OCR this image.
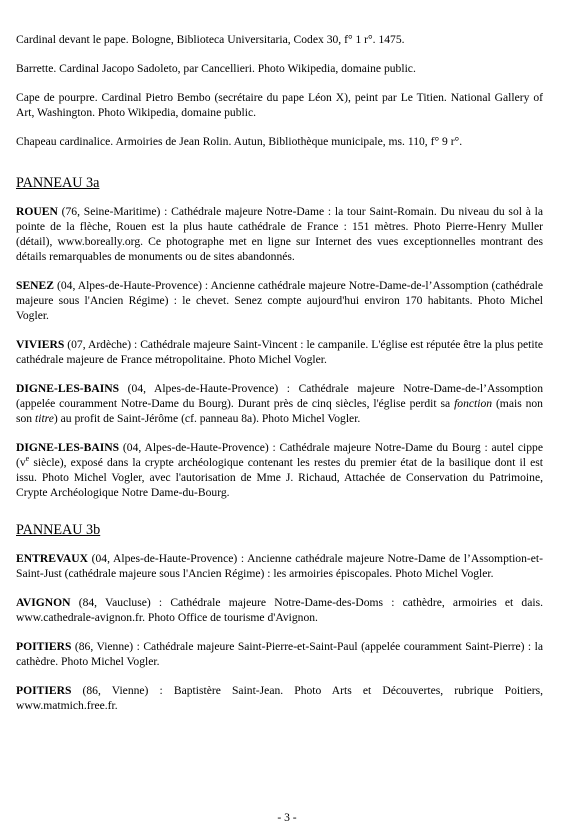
Cardinal devant le pape. Bologne, Biblioteca Universitaria, Codex 30, f° 1 r°. 1475.

Barrette. Cardinal Jacopo Sadoleto, par Cancellieri. Photo Wikipedia, domaine public.

Cape de pourpre. Cardinal Pietro Bembo (secrétaire du pape Léon X), peint par Le Titien. National Gallery of Art, Washington. Photo Wikipedia, domaine public.

Chapeau cardinalice. Armoiries de Jean Rolin. Autun, Bibliothèque municipale, ms. 110, f° 9 r°.

PANNEAU 3a

ROUEN (76, Seine-Maritime) : Cathédrale majeure Notre-Dame : la tour Saint-Romain. Du niveau du sol à la pointe de la flèche, Rouen est la plus haute cathédrale de France : 151 mètres. Photo Pierre-Henry Muller (détail), www.boreally.org. Ce photographe met en ligne sur Internet des vues exceptionnelles montrant des détails remarquables de monuments ou de sites abandonnés.

SENEZ (04, Alpes-de-Haute-Provence) : Ancienne cathédrale majeure Notre-Dame-de-l’Assomption (cathédrale majeure sous l'Ancien Régime) : le chevet. Senez compte aujourd'hui environ 170 habitants. Photo Michel Vogler.

VIVIERS (07, Ardèche) : Cathédrale majeure Saint-Vincent : le campanile. L'église est réputée être la plus petite cathédrale majeure de France métropolitaine. Photo Michel Vogler.

DIGNE-LES-BAINS (04, Alpes-de-Haute-Provence) : Cathédrale majeure Notre-Dame-de-l’Assomption (appelée couramment Notre-Dame du Bourg). Durant près de cinq siècles, l'église perdit sa fonction (mais non son titre) au profit de Saint-Jérôme (cf. panneau 8a). Photo Michel Vogler.

DIGNE-LES-BAINS (04, Alpes-de-Haute-Provence) : Cathédrale majeure Notre-Dame du Bourg : autel cippe ($v^e$ siècle), exposé dans la crypte archéologique contenant les restes du premier état de la basilique dont il est issu. Photo Michel Vogler, avec l'autorisation de Mme J. Richaud, Attachée de Conservation du Patrimoine, Crypte Archéologique Notre Dame-du-Bourg.

PANNEAU 3b

ENTREVAUX (04, Alpes-de-Haute-Provence) : Ancienne cathédrale majeure Notre-Dame de l’Assomption-et-Saint-Just (cathédrale majeure sous l'Ancien Régime) : les armoiries épiscopales. Photo Michel Vogler.

AVIGNON (84, Vaucluse) : Cathédrale majeure Notre-Dame-des-Doms : cathèdre, armoiries et dais. www.cathedrale-avignon.fr. Photo Office de tourisme d'Avignon.

POITIERS (86, Vienne) : Cathédrale majeure Saint-Pierre-et-Saint-Paul (appelée couramment Saint-Pierre) : la cathèdre. Photo Michel Vogler.

POITIERS (86, Vienne) : Baptistère Saint-Jean. Photo Arts et Découvertes, rubrique Poitiers, www.matmich.free.fr.

- 3 -
